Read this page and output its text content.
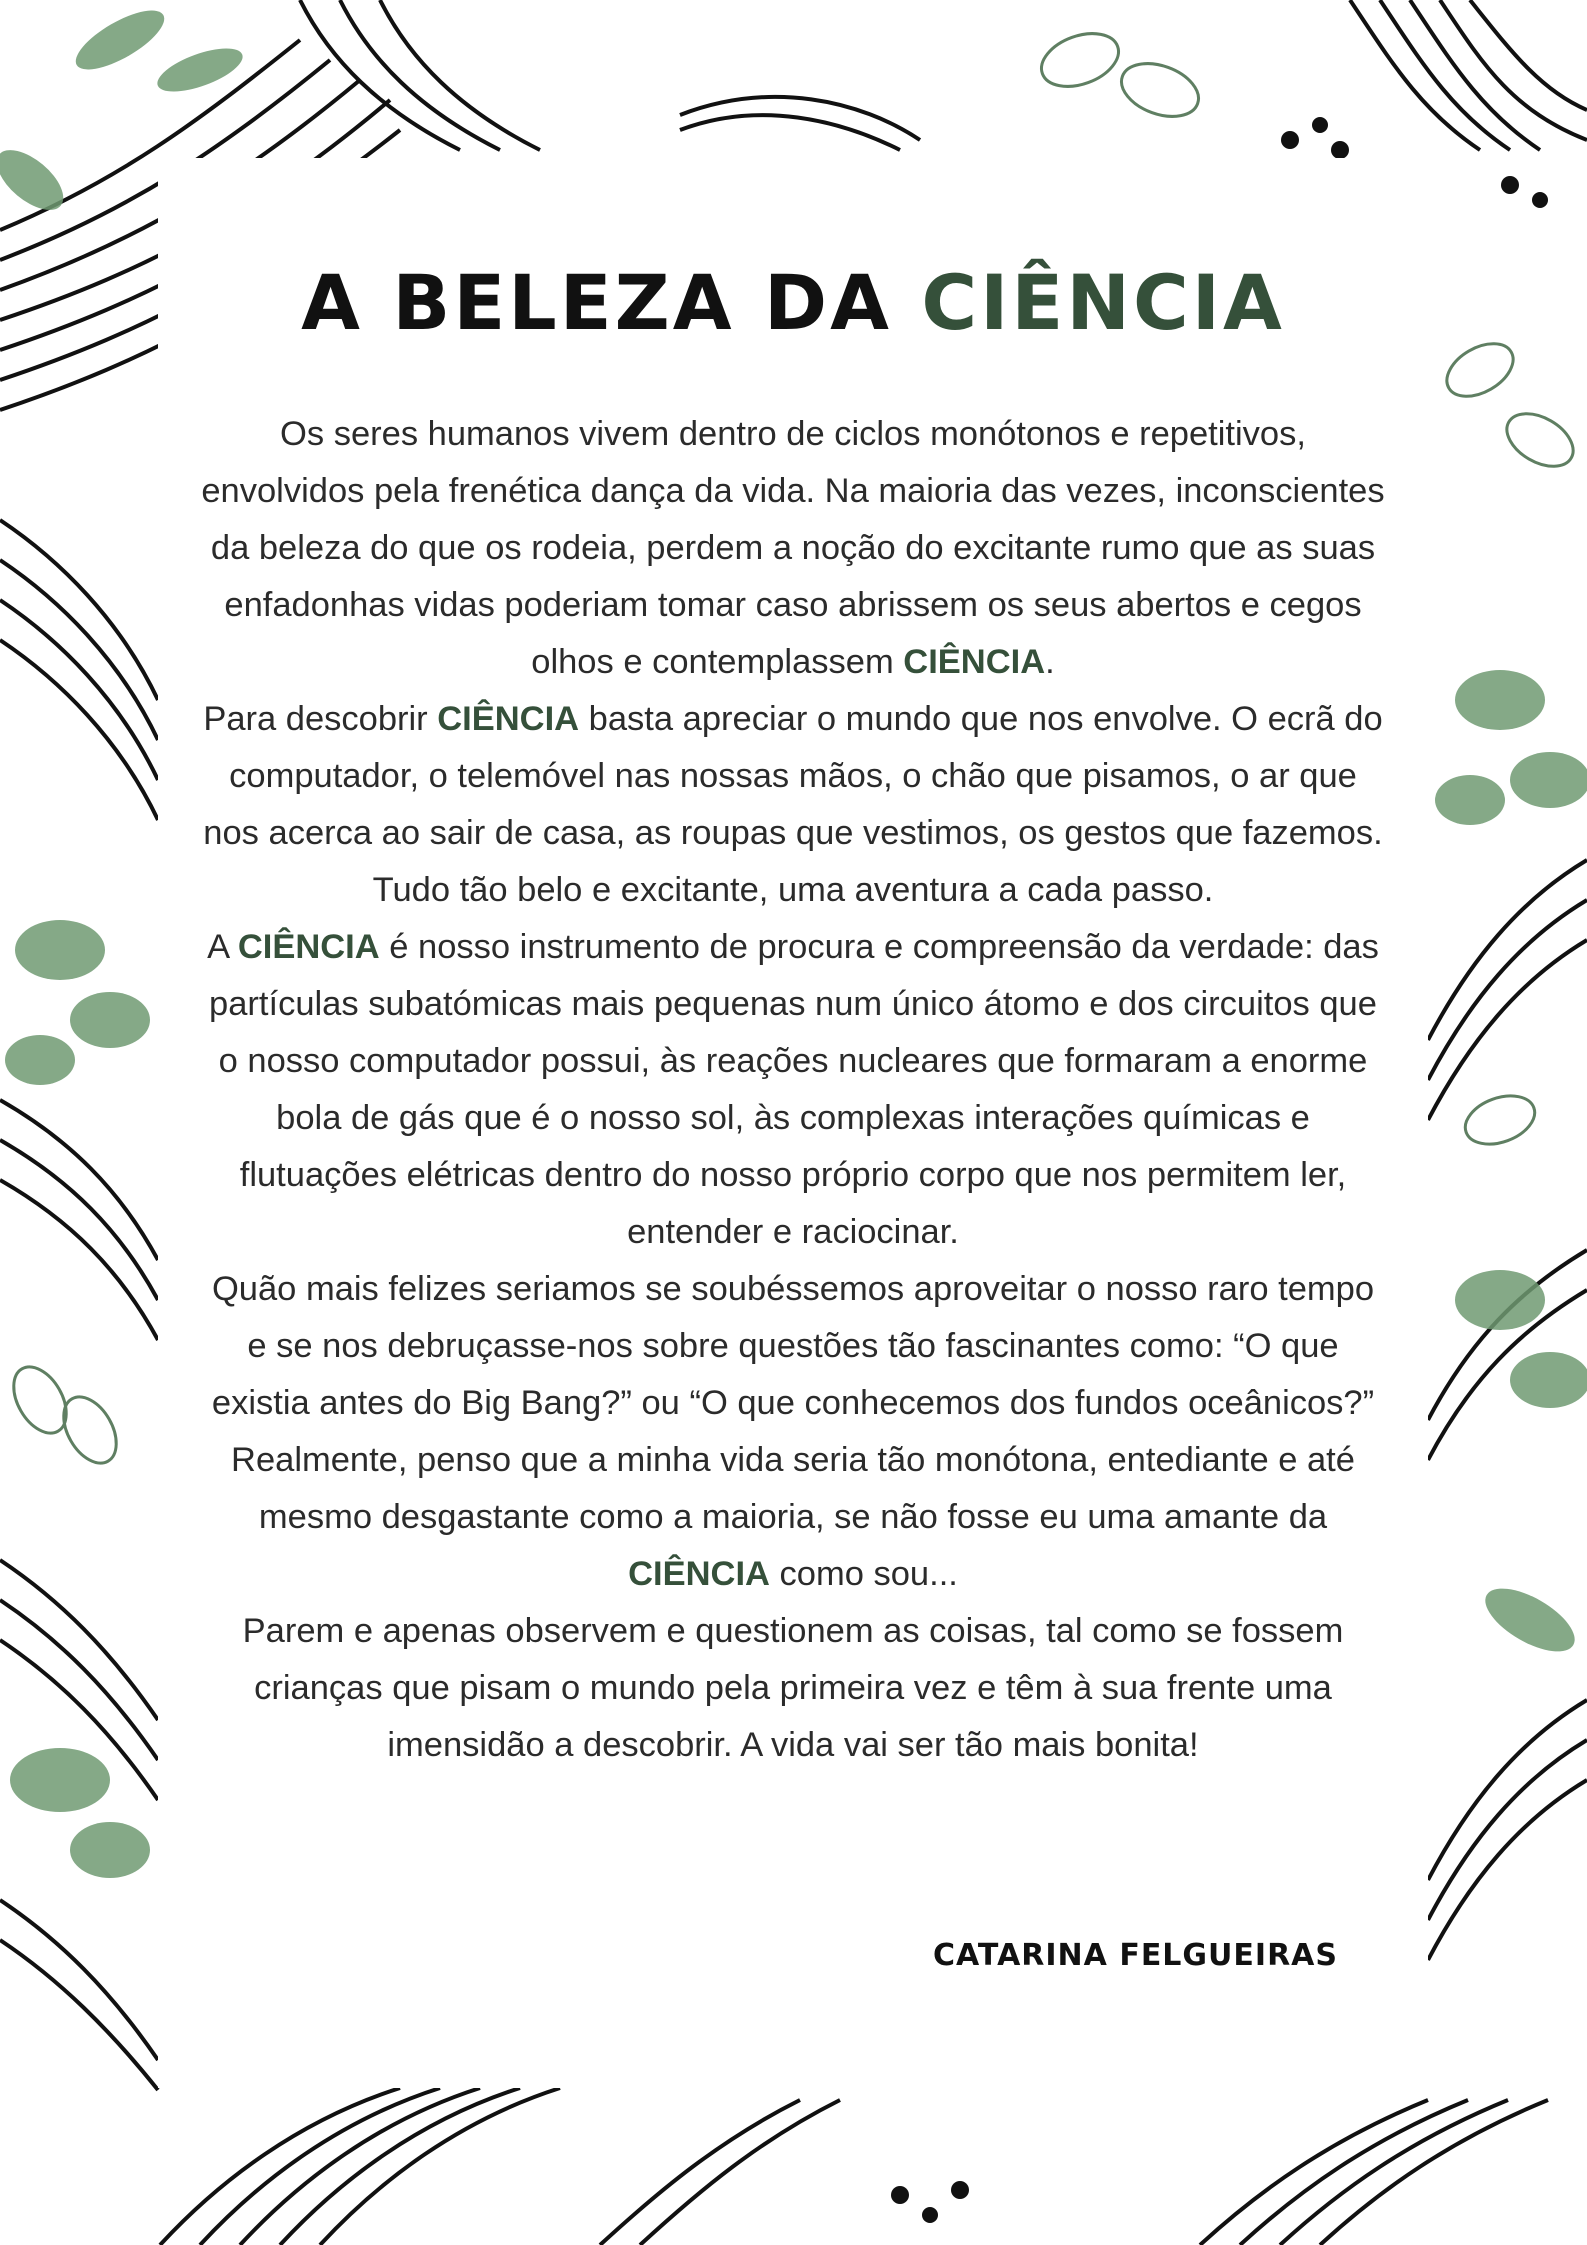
A BELEZA DA CIÊNCIA

Os seres humanos vivem dentro de ciclos monótonos e repetitivos, envolvidos pela frenética dança da vida. Na maioria das vezes, inconscientes da beleza do que os rodeia, perdem a noção do excitante rumo que as suas enfadonhas vidas poderiam tomar caso abrissem os seus abertos e cegos olhos e contemplassem CIÊNCIA.

Para descobrir CIÊNCIA basta apreciar o mundo que nos envolve. O ecrã do computador, o telemóvel nas nossas mãos, o chão que pisamos, o ar que nos acerca ao sair de casa, as roupas que vestimos, os gestos que fazemos. Tudo tão belo e excitante, uma aventura a cada passo.

A CIÊNCIA é nosso instrumento de procura e compreensão da verdade: das partículas subatómicas mais pequenas num único átomo e dos circuitos que o nosso computador possui, às reações nucleares que formaram a enorme bola de gás que é o nosso sol, às complexas interações químicas e flutuações elétricas dentro do nosso próprio corpo que nos permitem ler, entender e raciocinar.

Quão mais felizes seriamos se soubéssemos aproveitar o nosso raro tempo e se nos debruçasse-nos sobre questões tão fascinantes como: “O que existia antes do Big Bang?” ou “O que conhecemos dos fundos oceânicos?”

Realmente, penso que a minha vida seria tão monótona, entediante e até mesmo desgastante como a maioria, se não fosse eu uma amante da CIÊNCIA como sou...

Parem e apenas observem e questionem as coisas, tal como se fossem crianças que pisam o mundo pela primeira vez e têm à sua frente uma imensidão a descobrir. A vida vai ser tão mais bonita!

CATARINA FELGUEIRAS
